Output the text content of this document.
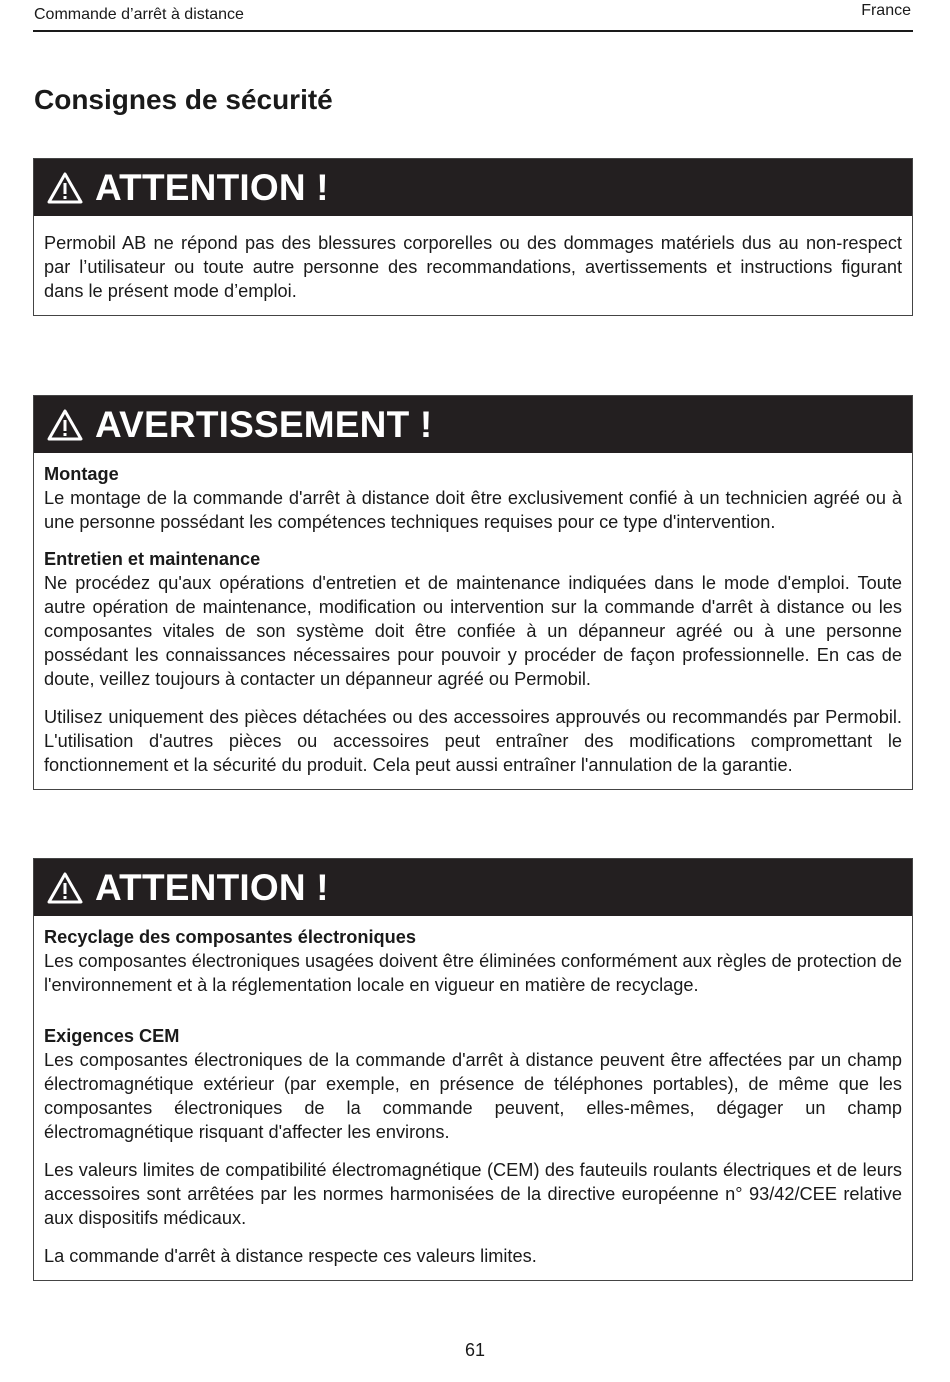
Commande d’arrêt à distance	France
Consignes de sécurité
ATTENTION !

Permobil AB ne répond pas des blessures corporelles ou des dommages matériels dus au non-respect par l’utilisateur ou toute autre personne des recommandations, avertissements et instructions figurant dans le présent mode d’emploi.

AVERTISSEMENT !

Montage

Le montage de la commande d'arrêt à distance doit être exclusivement confié à un technicien agréé ou à une personne possédant les compétences techniques requises pour ce type d'intervention.

Entretien et maintenance

Ne procédez qu'aux opérations d'entretien et de maintenance indiquées dans le mode d'emploi. Toute autre opération de maintenance, modification ou intervention sur la commande d'arrêt à distance ou les composantes vitales de son système doit être confiée à un dépanneur agréé ou à une personne possédant les connaissances nécessaires pour pouvoir y procéder de façon professionnelle. En cas de doute, veillez toujours à contacter un dépanneur agréé ou Permobil.

Utilisez uniquement des pièces détachées ou des accessoires approuvés ou recommandés par Permobil. L'utilisation d'autres pièces ou accessoires peut entraîner des modifications compromettant le fonctionnement et la sécurité du produit. Cela peut aussi entraîner l'annulation de la garantie.

ATTENTION !

Recyclage des composantes électroniques

Les composantes électroniques usagées doivent être éliminées conformément aux règles de protection de l'environnement et à la réglementation locale en vigueur en matière de recyclage.

Exigences CEM

Les composantes électroniques de la commande d'arrêt à distance peuvent être affectées par un champ électromagnétique extérieur (par exemple, en présence de téléphones portables), de même que les composantes électroniques de la commande peuvent, elles-mêmes, dégager un champ électromagnétique risquant d'affecter les environs.

Les valeurs limites de compatibilité électromagnétique (CEM) des fauteuils roulants électriques et de leurs accessoires sont arrêtées par les normes harmonisées de la directive européenne n° 93/42/CEE relative aux dispositifs médicaux.

La commande d'arrêt à distance respecte ces valeurs limites.

61
